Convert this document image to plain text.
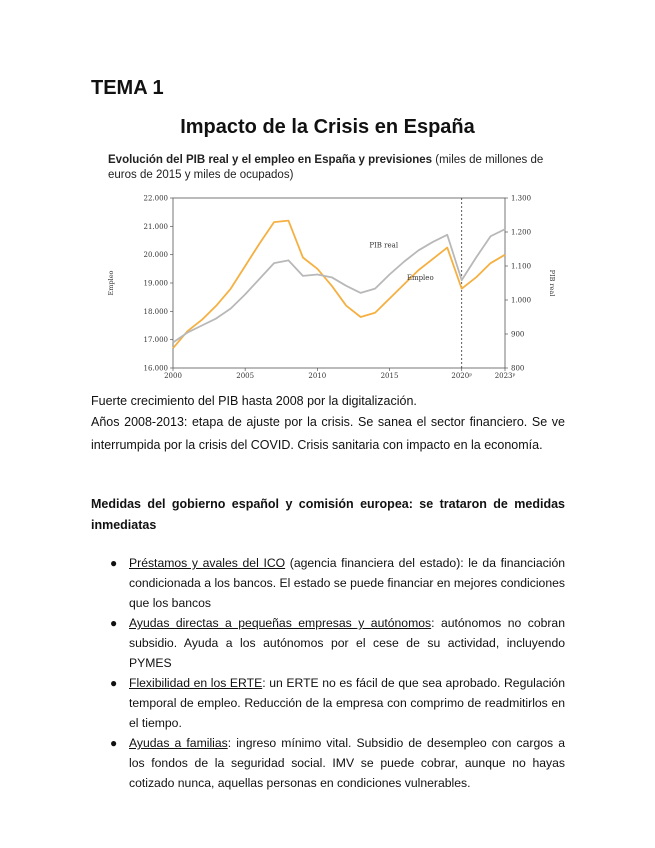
TEMA 1
Impacto de la Crisis en España
Evolución del PIB real y el empleo en España y previsiones (miles de millones de euros de 2015 y miles de ocupados)
16.000
17.000
18.000
19.000
20.000
21.000
22.000
800
900
1.000
1.100
1.200
1.300
2000	2005	2010	2015	2020ᵖ	2023ᵖ
Empleo	PIB real
PIB real
Empleo
Fuerte crecimiento del PIB hasta 2008 por la digitalización.
Años 2008-2013: etapa de ajuste por la crisis. Se sanea el sector financiero. Se ve interrumpida por la crisis del COVID. Crisis sanitaria con impacto en la economía.
Medidas del gobierno español y comisión europea: se trataron de medidas inmediatas
● Préstamos y avales del ICO (agencia financiera del estado): le da financiación condicionada a los bancos. El estado se puede financiar en mejores condiciones que los bancos
● Ayudas directas a pequeñas empresas y autónomos: autónomos no cobran subsidio. Ayuda a los autónomos por el cese de su actividad, incluyendo PYMES
● Flexibilidad en los ERTE: un ERTE no es fácil de que sea aprobado. Regulación temporal de empleo. Reducción de la empresa con comprimo de readmitirlos en el tiempo.
● Ayudas a familias: ingreso mínimo vital. Subsidio de desempleo con cargos a los fondos de la seguridad social. IMV se puede cobrar, aunque no hayas cotizado nunca, aquellas personas en condiciones vulnerables.
